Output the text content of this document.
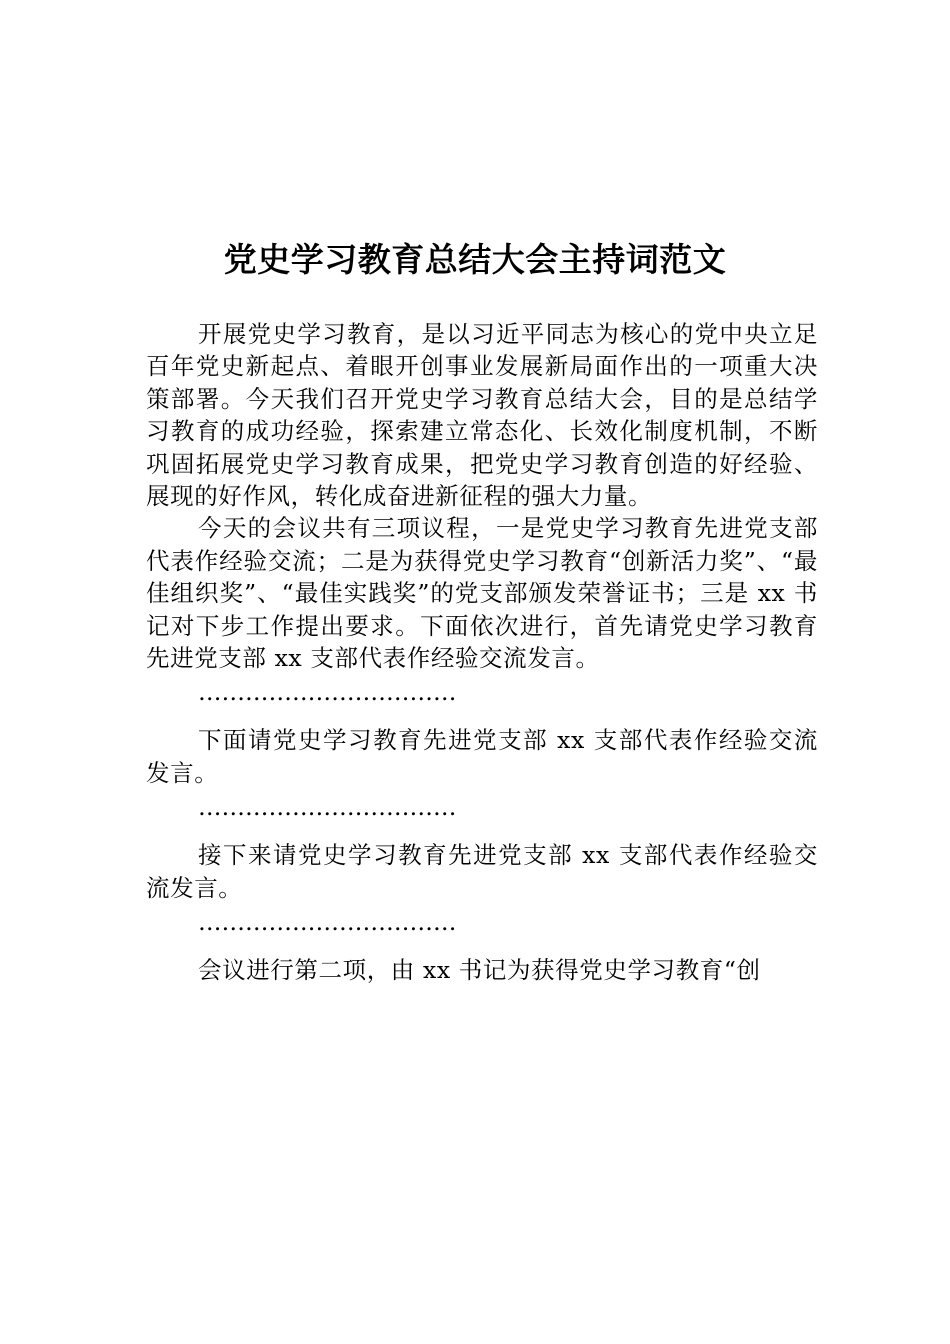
党史学习教育总结大会主持词范文

开展党史学习教育，是以习近平同志为核心的党中央立足百年党史新起点、着眼开创事业发展新局面作出的一项重大决策部署。今天我们召开党史学习教育总结大会，目的是总结学习教育的成功经验，探索建立常态化、长效化制度机制，不断巩固拓展党史学习教育成果，把党史学习教育创造的好经验、展现的好作风，转化成奋进新征程的强大力量。

今天的会议共有三项议程，一是党史学习教育先进党支部代表作经验交流；二是为获得党史学习教育“创新活力奖”、“最佳组织奖”、“最佳实践奖”的党支部颁发荣誉证书；三是 xx 书记对下步工作提出要求。下面依次进行，首先请党史学习教育先进党支部 xx 支部代表作经验交流发言。

……………………………

下面请党史学习教育先进党支部 xx 支部代表作经验交流发言。

……………………………

接下来请党史学习教育先进党支部 xx 支部代表作经验交流发言。

……………………………

会议进行第二项，由 xx 书记为获得党史学习教育“创
